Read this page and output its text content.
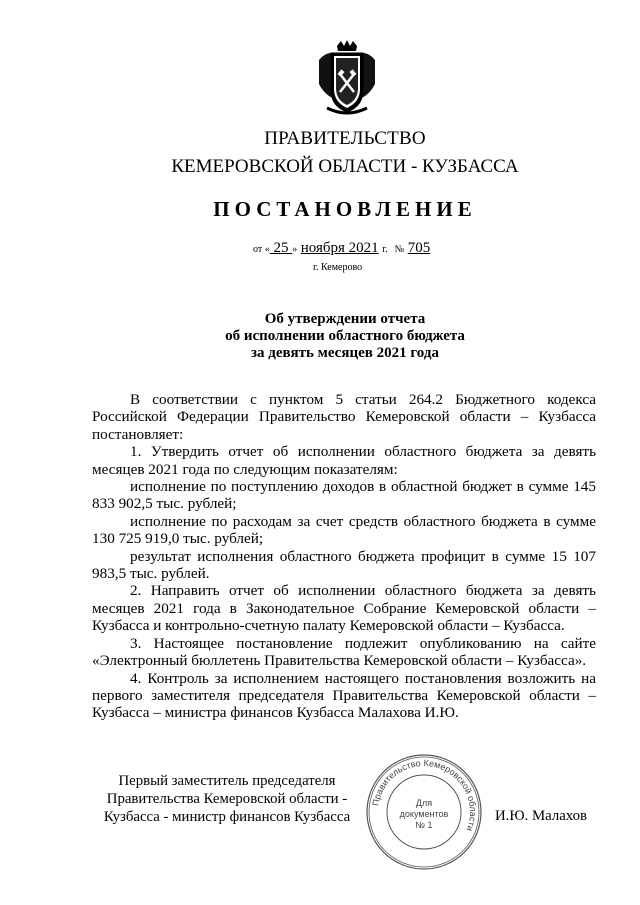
ПРАВИТЕЛЬСТВО
КЕМЕРОВСКОЙ ОБЛАСТИ - КУЗБАССА
ПОСТАНОВЛЕНИЕ
от « 25 » ноября 2021 г. № 705
г. Кемерово
Об утверждении отчета
об исполнении областного бюджета
за девять месяцев 2021 года

В соответствии с пунктом 5 статьи 264.2 Бюджетного кодекса Российской Федерации Правительство Кемеровской области – Кузбасса постановляет:

1. Утвердить отчет об исполнении областного бюджета за девять месяцев 2021 года по следующим показателям:

исполнение по поступлению доходов в областной бюджет в сумме 145 833 902,5 тыс. рублей;

исполнение по расходам за счет средств областного бюджета в сумме 130 725 919,0 тыс. рублей;

результат исполнения областного бюджета профицит в сумме 15 107 983,5 тыс. рублей.

2. Направить отчет об исполнении областного бюджета за девять месяцев 2021 года в Законодательное Собрание Кемеровской области – Кузбасса и контрольно-счетную палату Кемеровской области – Кузбасса.

3. Настоящее постановление подлежит опубликованию на сайте «Электронный бюллетень Правительства Кемеровской области – Кузбасса».

4. Контроль за исполнением настоящего постановления возложить на первого заместителя председателя Правительства Кемеровской области – Кузбасса – министра финансов Кузбасса Малахова И.Ю.

Первый заместитель председателя
Правительства Кемеровской области -
Кузбасса - министр финансов Кузбасса
Правительство Кемеровской области
Для
документов
№ 1
И.Ю. Малахов
